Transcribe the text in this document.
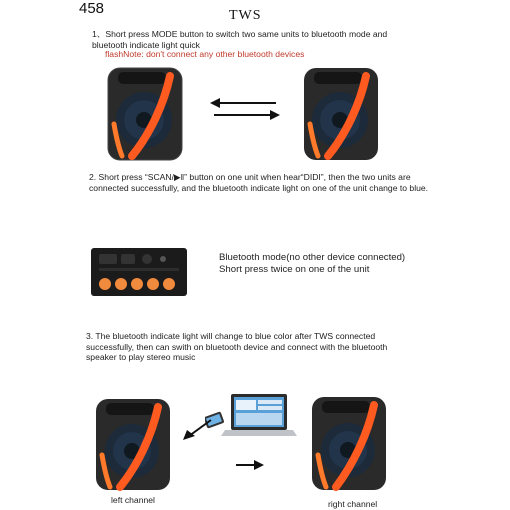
458	TWS
1、Short press MODE button to switch two same units to bluetooth mode and bluetooth indicate light quick
flashNote: don't connect any other bluetooth devices
2. Short press “SCAN/▶‖” button on one unit when hear“DIDI”, then the two units are connected successfully, and the bluetooth indicate light on one of the unit change to blue.
Bluetooth mode(no other device connected)
Short press twice on one of the unit
3. The bluetooth indicate light will change to blue color after TWS connected successfully, then can swith on bluetooth device and connect with the bluetooth speaker to play stereo music
left channel	right channel
